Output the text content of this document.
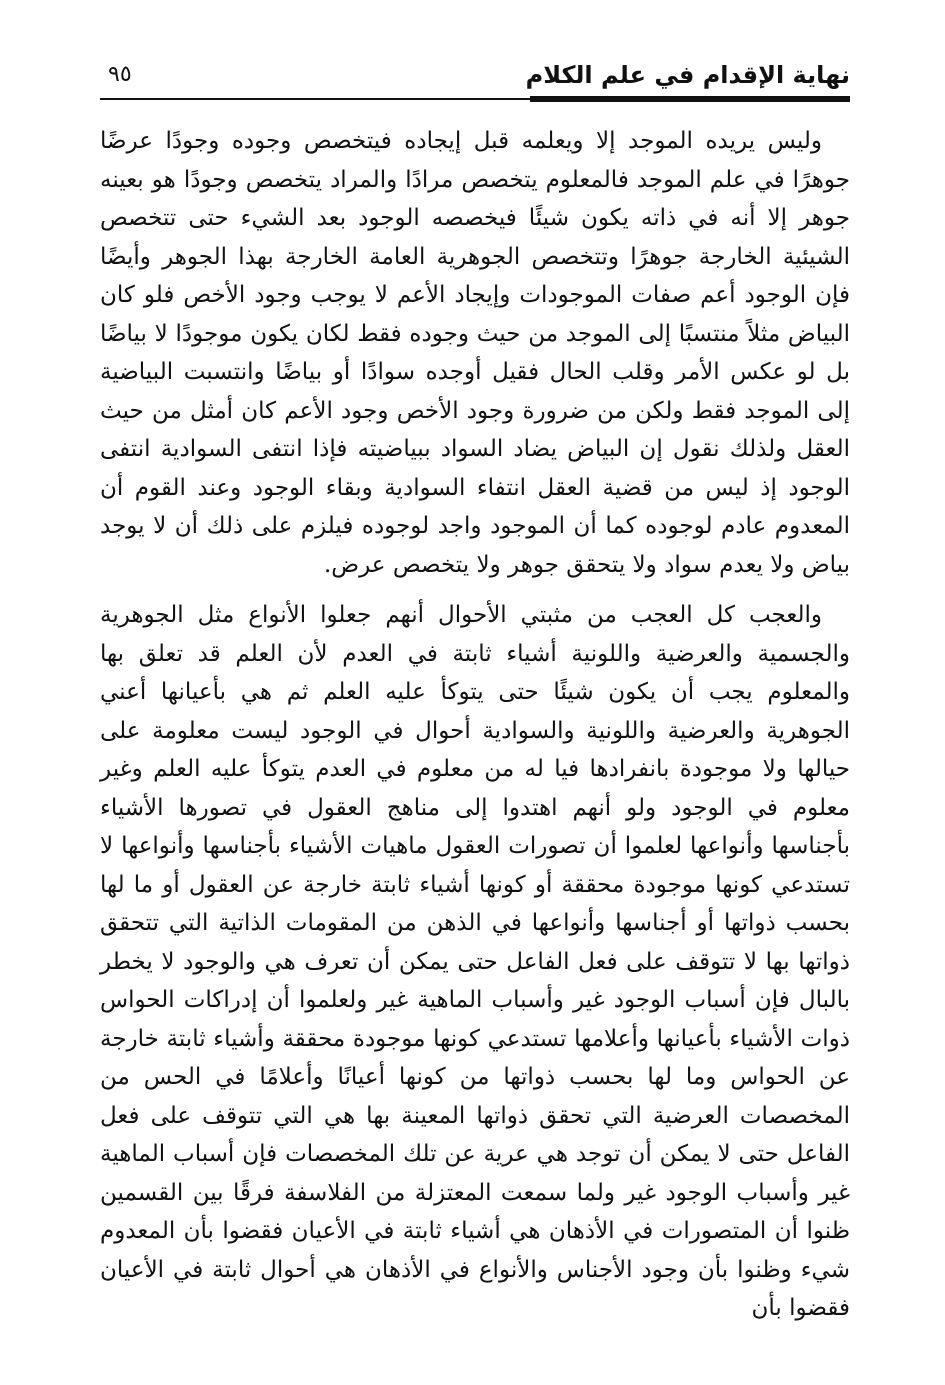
نهاية الإقدام في علم الكلام
٩٥

وليس يريده الموجد إلا ويعلمه قبل إيجاده فيتخصص وجوده وجودًا عرضًا جوهرًا في علم الموجد فالمعلوم يتخصص مرادًا والمراد يتخصص وجودًا هو بعينه جوهر إلا أنه في ذاته يكون شيئًا فيخصصه الوجود بعد الشيء حتى تتخصص الشيئية الخارجة جوهرًا وتتخصص الجوهرية العامة الخارجة بهذا الجوهر وأيضًا فإن الوجود أعم صفات الموجودات وإيجاد الأعم لا يوجب وجود الأخص فلو كان البياض مثلاً منتسبًا إلى الموجد من حيث وجوده فقط لكان يكون موجودًا لا بياضًا بل لو عكس الأمر وقلب الحال فقيل أوجده سوادًا أو بياضًا وانتسبت البياضية إلى الموجد فقط ولكن من ضرورة وجود الأخص وجود الأعم كان أمثل من حيث العقل ولذلك نقول إن البياض يضاد السواد ببياضيته فإذا انتفى السوادية انتفى الوجود إذ ليس من قضية العقل انتفاء السوادية وبقاء الوجود وعند القوم أن المعدوم عادم لوجوده كما أن الموجود واجد لوجوده فيلزم على ذلك أن لا يوجد بياض ولا يعدم سواد ولا يتحقق جوهر ولا يتخصص عرض.

والعجب كل العجب من مثبتي الأحوال أنهم جعلوا الأنواع مثل الجوهرية والجسمية والعرضية واللونية أشياء ثابتة في العدم لأن العلم قد تعلق بها والمعلوم يجب أن يكون شيئًا حتى يتوكأ عليه العلم ثم هي بأعيانها أعني الجوهرية والعرضية واللونية والسوادية أحوال في الوجود ليست معلومة على حيالها ولا موجودة بانفرادها فيا له من معلوم في العدم يتوكأ عليه العلم وغير معلوم في الوجود ولو أنهم اهتدوا إلى مناهج العقول في تصورها الأشياء بأجناسها وأنواعها لعلموا أن تصورات العقول ماهيات الأشياء بأجناسها وأنواعها لا تستدعي كونها موجودة محققة أو كونها أشياء ثابتة خارجة عن العقول أو ما لها بحسب ذواتها أو أجناسها وأنواعها في الذهن من المقومات الذاتية التي تتحقق ذواتها بها لا تتوقف على فعل الفاعل حتى يمكن أن تعرف هي والوجود لا يخطر بالبال فإن أسباب الوجود غير وأسباب الماهية غير ولعلموا أن إدراكات الحواس ذوات الأشياء بأعيانها وأعلامها تستدعي كونها موجودة محققة وأشياء ثابتة خارجة عن الحواس وما لها بحسب ذواتها من كونها أعيانًا وأعلامًا في الحس من المخصصات العرضية التي تحقق ذواتها المعينة بها هي التي تتوقف على فعل الفاعل حتى لا يمكن أن توجد هي عرية عن تلك المخصصات فإن أسباب الماهية غير وأسباب الوجود غير ولما سمعت المعتزلة من الفلاسفة فرقًا بين القسمين ظنوا أن المتصورات في الأذهان هي أشياء ثابتة في الأعيان فقضوا بأن المعدوم شيء وظنوا بأن وجود الأجناس والأنواع في الأذهان هي أحوال ثابتة في الأعيان فقضوا بأن
